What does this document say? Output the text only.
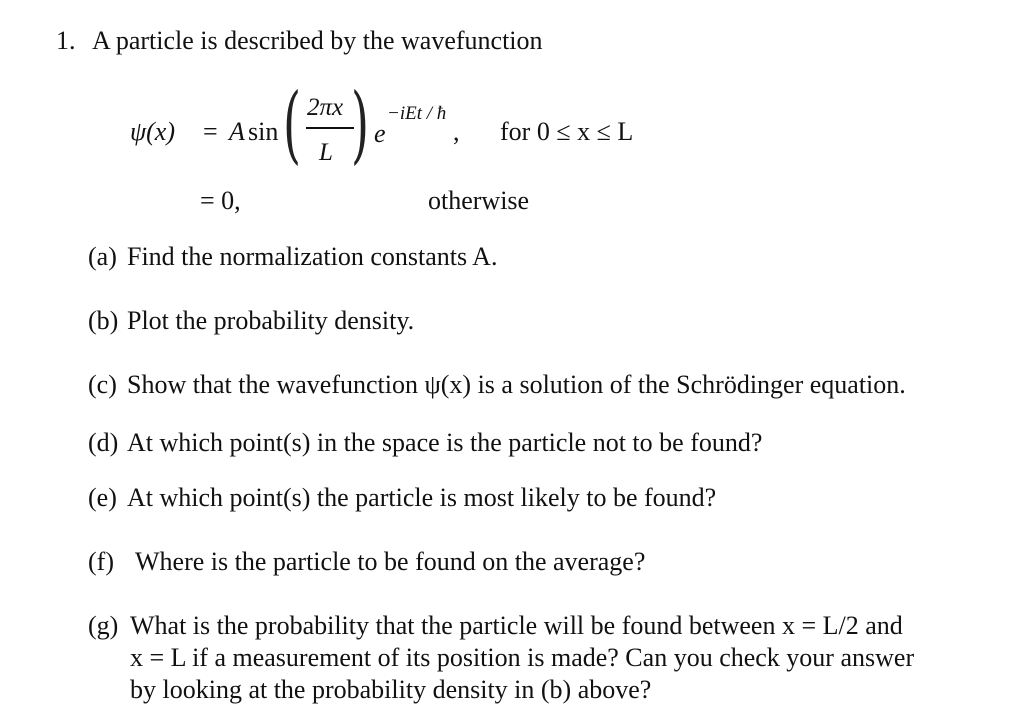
1. A particle is described by the wavefunction
ψ(x) = A sin ( 2πx
L ) e
−iEt / ħ
, for 0 ≤ x ≤ L
= 0,	otherwise
(a) Find the normalization constants A.
(b) Plot the probability density.
(c) Show that the wavefunction ψ(x) is a solution of the Schrödinger equation.
(d) At which point(s) in the space is the particle not to be found?
(e) At which point(s) the particle is most likely to be found?
(f) Where is the particle to be found on the average?
(g) What is the probability that the particle will be found between x = L/2 and
x = L if a measurement of its position is made? Can you check your answer
by looking at the probability density in (b) above?
